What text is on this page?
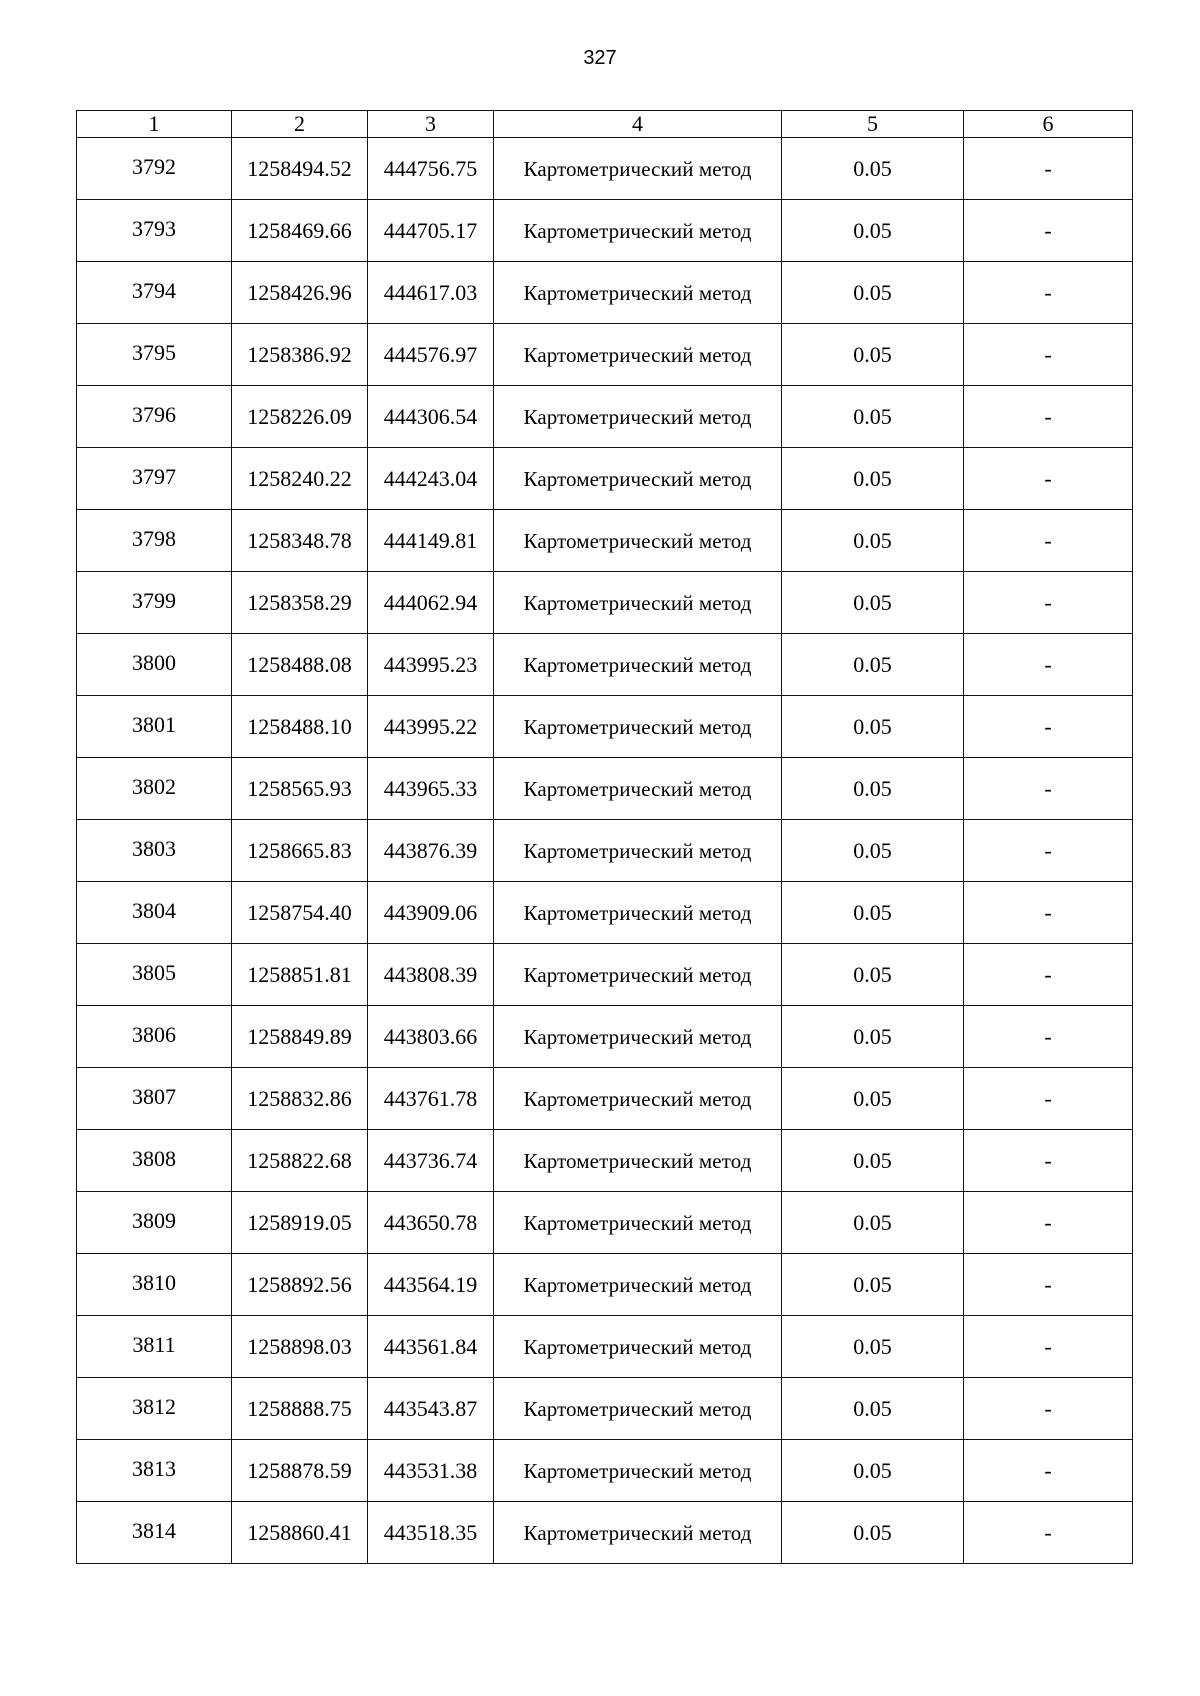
327
1	2	3	4	5	6
3792	1258494.52	444756.75	Картометрический метод	0.05	-
3793	1258469.66	444705.17	Картометрический метод	0.05	-
3794	1258426.96	444617.03	Картометрический метод	0.05	-
3795	1258386.92	444576.97	Картометрический метод	0.05	-
3796	1258226.09	444306.54	Картометрический метод	0.05	-
3797	1258240.22	444243.04	Картометрический метод	0.05	-
3798	1258348.78	444149.81	Картометрический метод	0.05	-
3799	1258358.29	444062.94	Картометрический метод	0.05	-
3800	1258488.08	443995.23	Картометрический метод	0.05	-
3801	1258488.10	443995.22	Картометрический метод	0.05	-
3802	1258565.93	443965.33	Картометрический метод	0.05	-
3803	1258665.83	443876.39	Картометрический метод	0.05	-
3804	1258754.40	443909.06	Картометрический метод	0.05	-
3805	1258851.81	443808.39	Картометрический метод	0.05	-
3806	1258849.89	443803.66	Картометрический метод	0.05	-
3807	1258832.86	443761.78	Картометрический метод	0.05	-
3808	1258822.68	443736.74	Картометрический метод	0.05	-
3809	1258919.05	443650.78	Картометрический метод	0.05	-
3810	1258892.56	443564.19	Картометрический метод	0.05	-
3811	1258898.03	443561.84	Картометрический метод	0.05	-
3812	1258888.75	443543.87	Картометрический метод	0.05	-
3813	1258878.59	443531.38	Картометрический метод	0.05	-
3814	1258860.41	443518.35	Картометрический метод	0.05	-
